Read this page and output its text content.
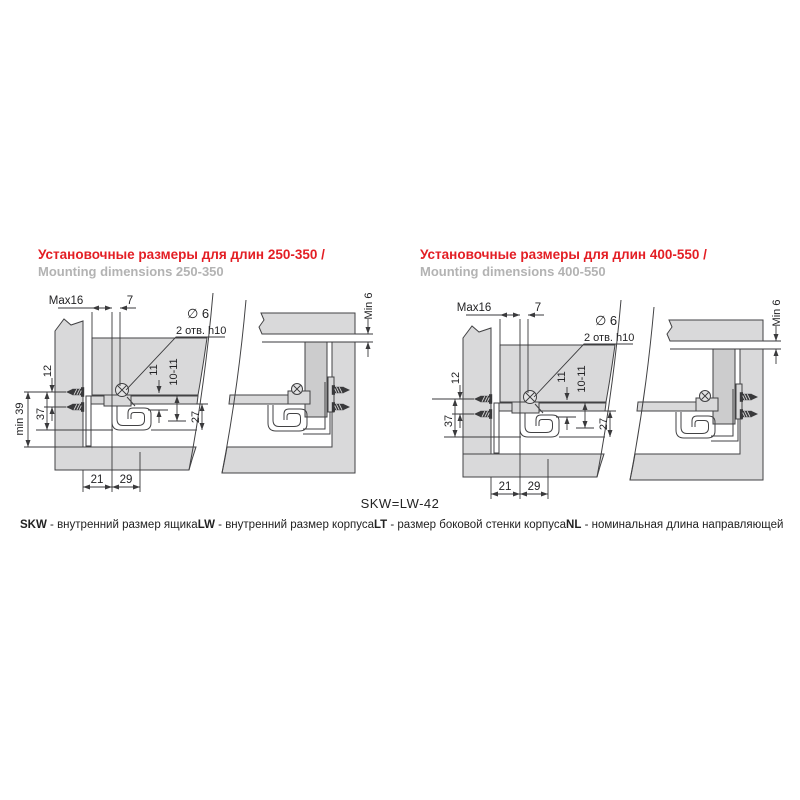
Установочные размеры для длин 250-350 /
Mounting dimensions 250-350
Установочные размеры для длин 400-550 /
Mounting dimensions 400-550
min 39
Max16	7
∅ 6
2 отв. h10
Min 6
12
37
11 10-11
27
21 29
Max16	7
∅ 6
2 отв. h10
Min 6
12
37
11 10-11
27
21 29
SKW=LW-42
SKW - внутренний размер ящика LW - внутренний размер корпуса LT - размер боковой стенки корпуса NL - номинальная длина направляющей
